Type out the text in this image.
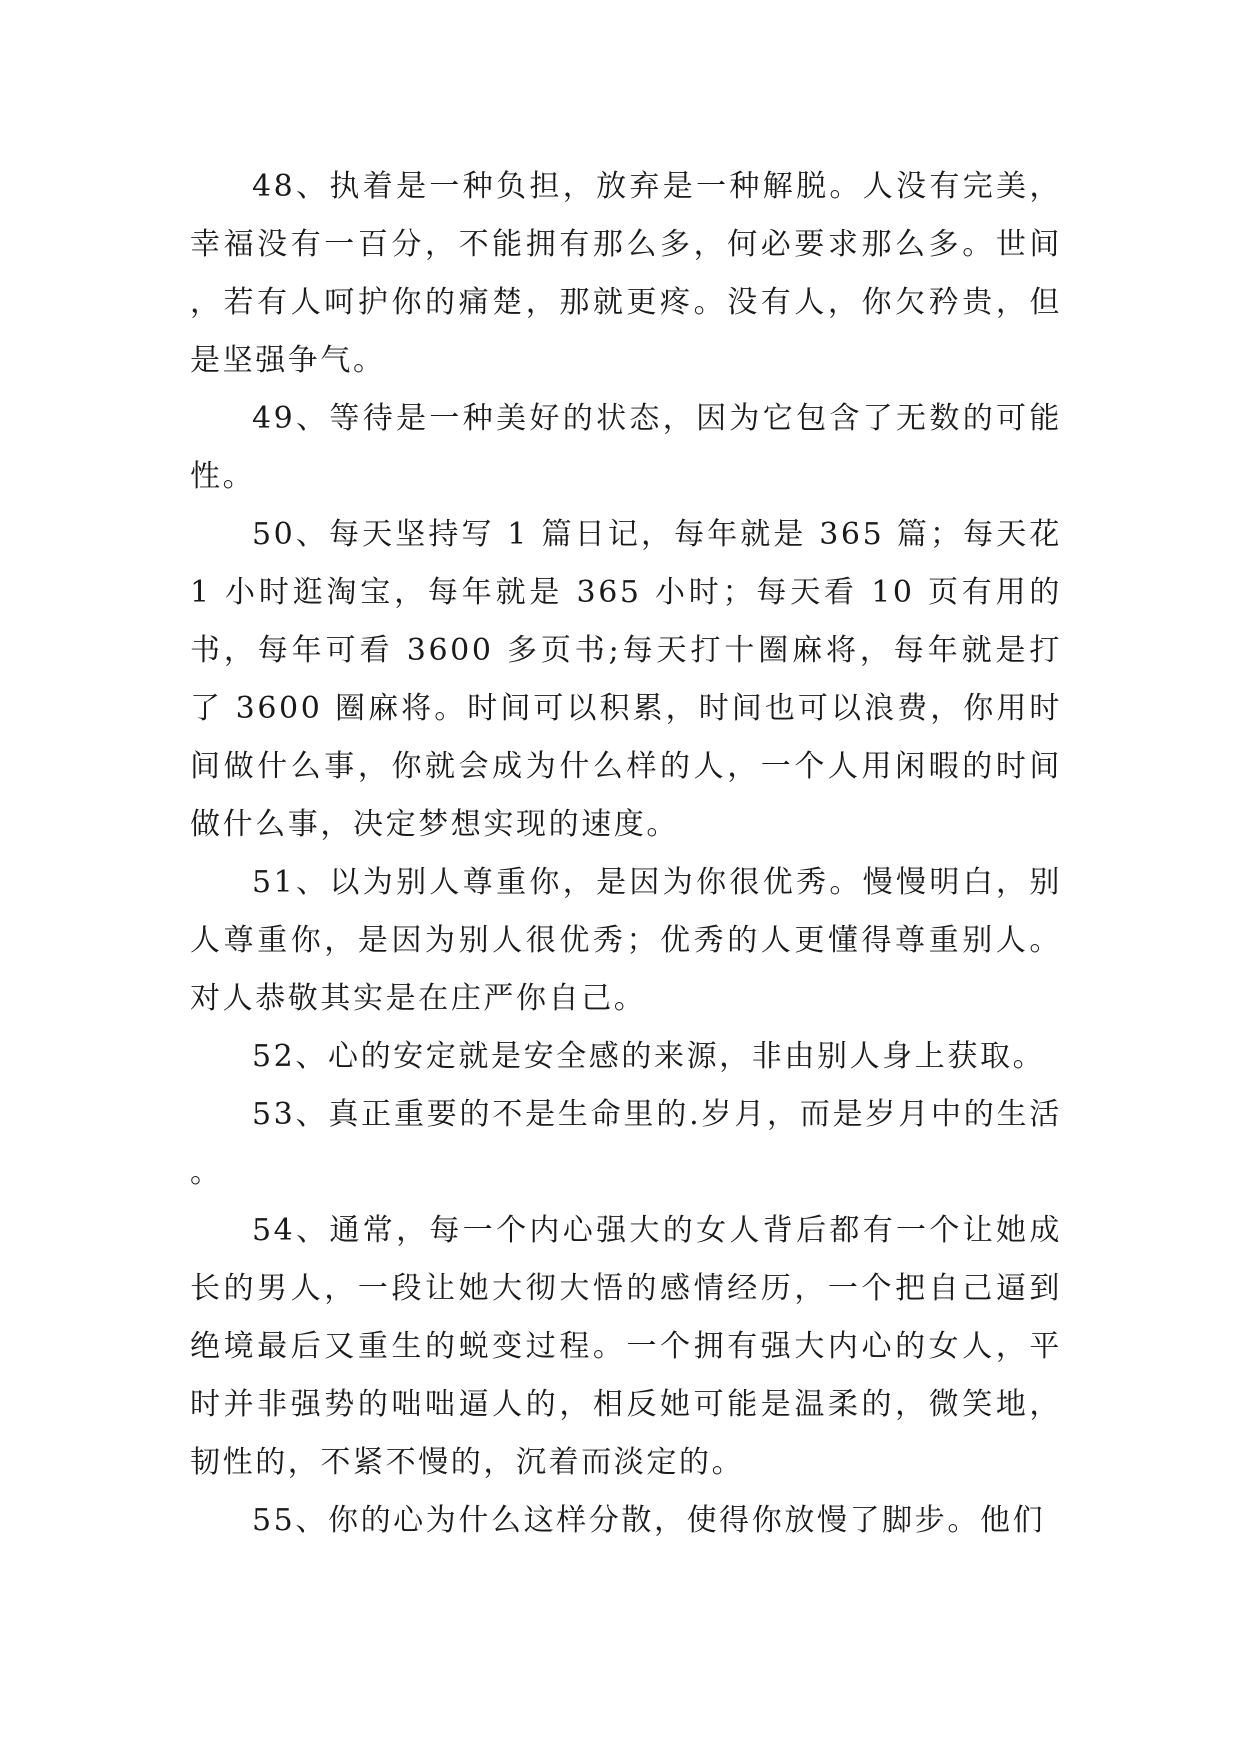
48、执着是一种负担，放弃是一种解脱。人没有完美，幸福没有一百分，不能拥有那么多，何必要求那么多。世间，若有人呵护你的痛楚，那就更疼。没有人，你欠矜贵，但是坚强争气。

49、等待是一种美好的状态，因为它包含了无数的可能性。

50、每天坚持写 1 篇日记，每年就是 365 篇；每天花 1 小时逛淘宝，每年就是 365 小时；每天看 10 页有用的书，每年可看 3600 多页书;每天打十圈麻将，每年就是打了 3600 圈麻将。时间可以积累，时间也可以浪费，你用时间做什么事，你就会成为什么样的人，一个人用闲暇的时间做什么事，决定梦想实现的速度。

51、以为别人尊重你，是因为你很优秀。慢慢明白，别人尊重你，是因为别人很优秀；优秀的人更懂得尊重别人。对人恭敬其实是在庄严你自己。

52、心的安定就是安全感的来源，非由别人身上获取。

53、真正重要的不是生命里的.岁月，而是岁月中的生活。

54、通常，每一个内心强大的女人背后都有一个让她成长的男人，一段让她大彻大悟的感情经历，一个把自己逼到绝境最后又重生的蜕变过程。一个拥有强大内心的女人，平时并非强势的咄咄逼人的，相反她可能是温柔的，微笑地，韧性的，不紧不慢的，沉着而淡定的。

55、你的心为什么这样分散，使得你放慢了脚步。他们
